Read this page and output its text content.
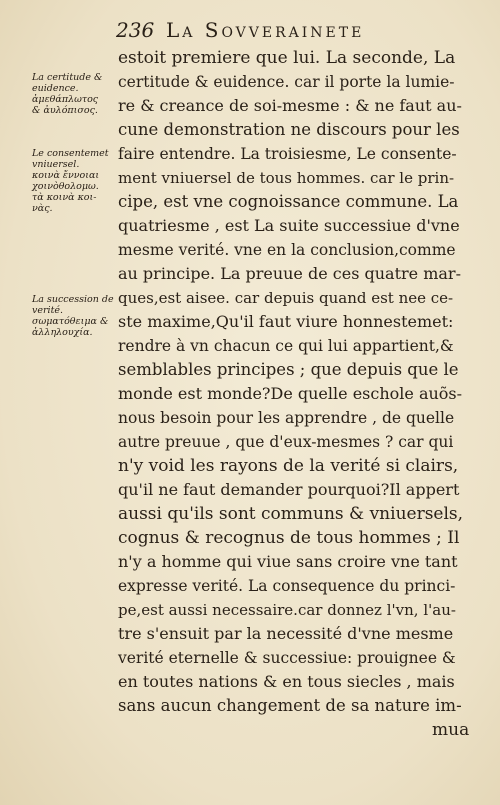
236 La Sovverainete
La certitude &
euidence.
ἀμεθάπλωτος
& ἀυλόπισος.
Le consentemet
vniuersel.
κοινὰ ἔννοιαι
χοινὸθολομω.
τὰ κοινὰ κοι-
νὰς.
La succession de
verité.
σωματόθειμα &
ἀλληλουχία.
estoit premiere que lui. La seconde, La
certitude & euidence. car il porte la lumie-
re & creance de soi-mesme : & ne faut au-
cune demonstration ne discours pour les
faire entendre. La troisiesme, Le consente-
ment vniuersel de tous hommes. car le prin-
cipe, est vne cognoissance commune. La
quatriesme , est La suite successiue d'vne
mesme verité. vne en la conclusion,comme
au principe. La preuue de ces quatre mar-
ques,est aisee. car depuis quand est nee ce-
ste maxime,Qu'il faut viure honnestemet:
rendre à vn chacun ce qui lui appartient,&
semblables principes ; que depuis que le
monde est monde?De quelle eschole auõs-
nous besoin pour les apprendre , de quelle
autre preuue , que d'eux-mesmes ? car qui
n'y void les rayons de la verité si clairs,
qu'il ne faut demander pourquoi?Il appert
aussi qu'ils sont communs & vniuersels,
cognus & recognus de tous hommes ; Il
n'y a homme qui viue sans croire vne tant
expresse verité. La consequence du princi-
pe,est aussi necessaire.car donnez l'vn, l'au-
tre s'ensuit par la necessité d'vne mesme
verité eternelle & successiue: prouignee &
en toutes nations & en tous siecles , mais
sans aucun changement de sa nature im-
mua
